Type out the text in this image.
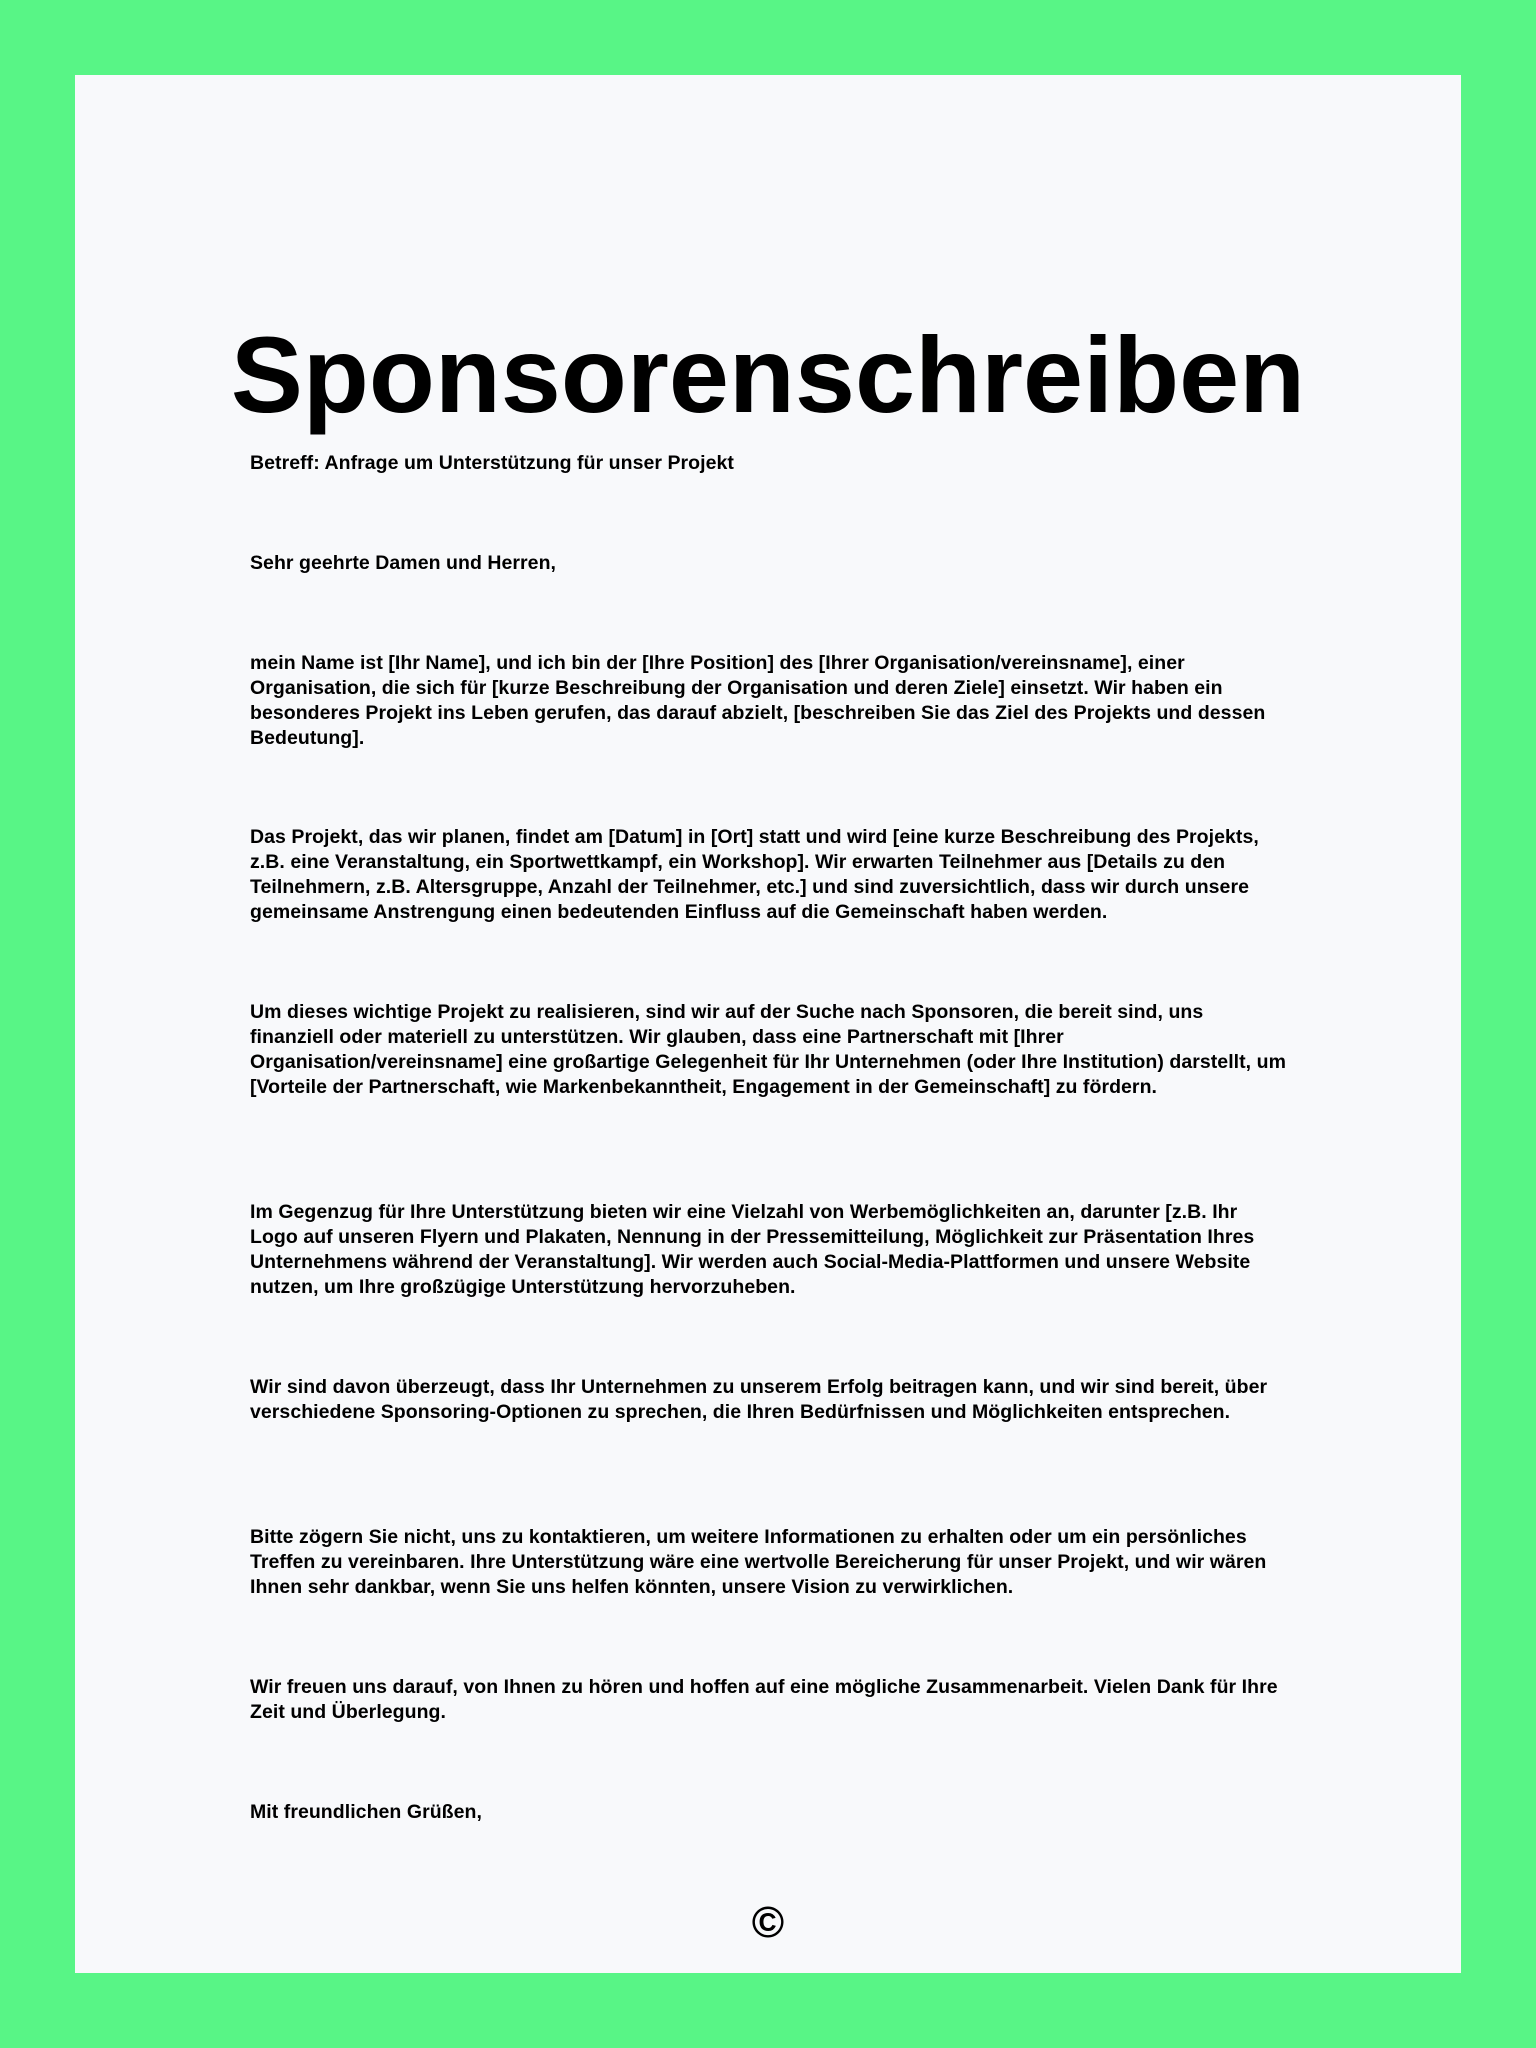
Sponsorenschreiben

Betreff: Anfrage um Unterstützung für unser Projekt

Sehr geehrte Damen und Herren,

mein Name ist [Ihr Name], und ich bin der [Ihre Position] des [Ihrer Organisation/vereinsname], einer Organisation, die sich für [kurze Beschreibung der Organisation und deren Ziele] einsetzt. Wir haben ein besonderes Projekt ins Leben gerufen, das darauf abzielt, [beschreiben Sie das Ziel des Projekts und dessen Bedeutung].

Das Projekt, das wir planen, findet am [Datum] in [Ort] statt und wird [eine kurze Beschreibung des Projekts, z.B. eine Veranstaltung, ein Sportwettkampf, ein Workshop]. Wir erwarten Teilnehmer aus [Details zu den Teilnehmern, z.B. Altersgruppe, Anzahl der Teilnehmer, etc.] und sind zuversichtlich, dass wir durch unsere gemeinsame Anstrengung einen bedeutenden Einfluss auf die Gemeinschaft haben werden.

Um dieses wichtige Projekt zu realisieren, sind wir auf der Suche nach Sponsoren, die bereit sind, uns finanziell oder materiell zu unterstützen. Wir glauben, dass eine Partnerschaft mit [Ihrer Organisation/vereinsname] eine großartige Gelegenheit für Ihr Unternehmen (oder Ihre Institution) darstellt, um [Vorteile der Partnerschaft, wie Markenbekanntheit, Engagement in der Gemeinschaft] zu fördern.

Im Gegenzug für Ihre Unterstützung bieten wir eine Vielzahl von Werbemöglichkeiten an, darunter [z.B. Ihr Logo auf unseren Flyern und Plakaten, Nennung in der Pressemitteilung, Möglichkeit zur Präsentation Ihres Unternehmens während der Veranstaltung]. Wir werden auch Social-Media-Plattformen und unsere Website nutzen, um Ihre großzügige Unterstützung hervorzuheben.

Wir sind davon überzeugt, dass Ihr Unternehmen zu unserem Erfolg beitragen kann, und wir sind bereit, über verschiedene Sponsoring-Optionen zu sprechen, die Ihren Bedürfnissen und Möglichkeiten entsprechen.

Bitte zögern Sie nicht, uns zu kontaktieren, um weitere Informationen zu erhalten oder um ein persönliches Treffen zu vereinbaren. Ihre Unterstützung wäre eine wertvolle Bereicherung für unser Projekt, und wir wären Ihnen sehr dankbar, wenn Sie uns helfen könnten, unsere Vision zu verwirklichen.

Wir freuen uns darauf, von Ihnen zu hören und hoffen auf eine mögliche Zusammenarbeit. Vielen Dank für Ihre Zeit und Überlegung.

Mit freundlichen Grüßen,

©
